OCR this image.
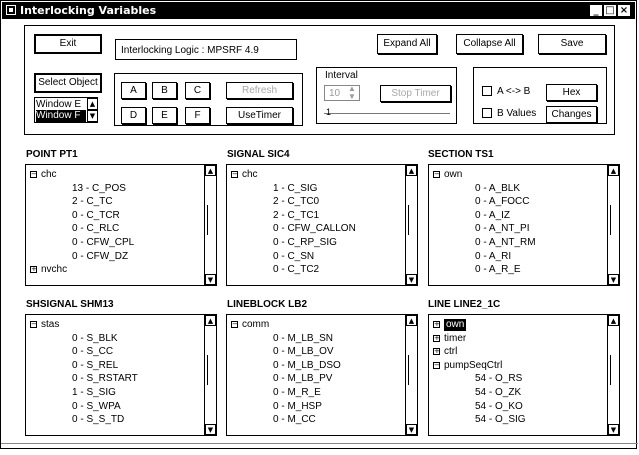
Interlocking Variables	_ □ ×
Exit
Interlocking Logic : MPSRF 4.9
Expand All	Collapse All	Save
Select Object
Window E
Window F
▲
▼
A	B	C
D	E	F
Refresh
UseTimer
Interval
10 ▲
▼	Stop Timer
1
A <-> B	Hex
B Values	Changes
POINT PT1
− chc
13 - C_POS
2 - C_TC
0 - C_TCR
0 - C_RLC
0 - CFW_CPL
0 - CFW_DZ
+ nvchc
▲
▼
SIGNAL SIC4
− chc
1 - C_SIG
2 - C_TC0
2 - C_TC1
0 - CFW_CALLON
0 - C_RP_SIG
0 - C_SN
0 - C_TC2
▲
▼
SECTION TS1
− own
0 - A_BLK
0 - A_FOCC
0 - A_IZ
0 - A_NT_PI
0 - A_NT_RM
0 - A_RI
0 - A_R_E
▲
▼
SHSIGNAL SHM13
− stas
0 - S_BLK
0 - S_CC
0 - S_REL
0 - S_RSTART
1 - S_SIG
0 - S_WPA
0 - S_S_TD
▲
▼
LINEBLOCK LB2
− comm
0 - M_LB_SN
0 - M_LB_OV
0 - M_LB_DSO
0 - M_LB_PV
0 - M_R_E
0 - M_HSP
0 - M_CC
▲
▼
LINE LINE2_1C
+ own
+ timer
+ ctrl
− pumpSeqCtrl
54 - O_RS
54 - O_ZK
54 - O_KO
54 - O_SIG
▲
▼
